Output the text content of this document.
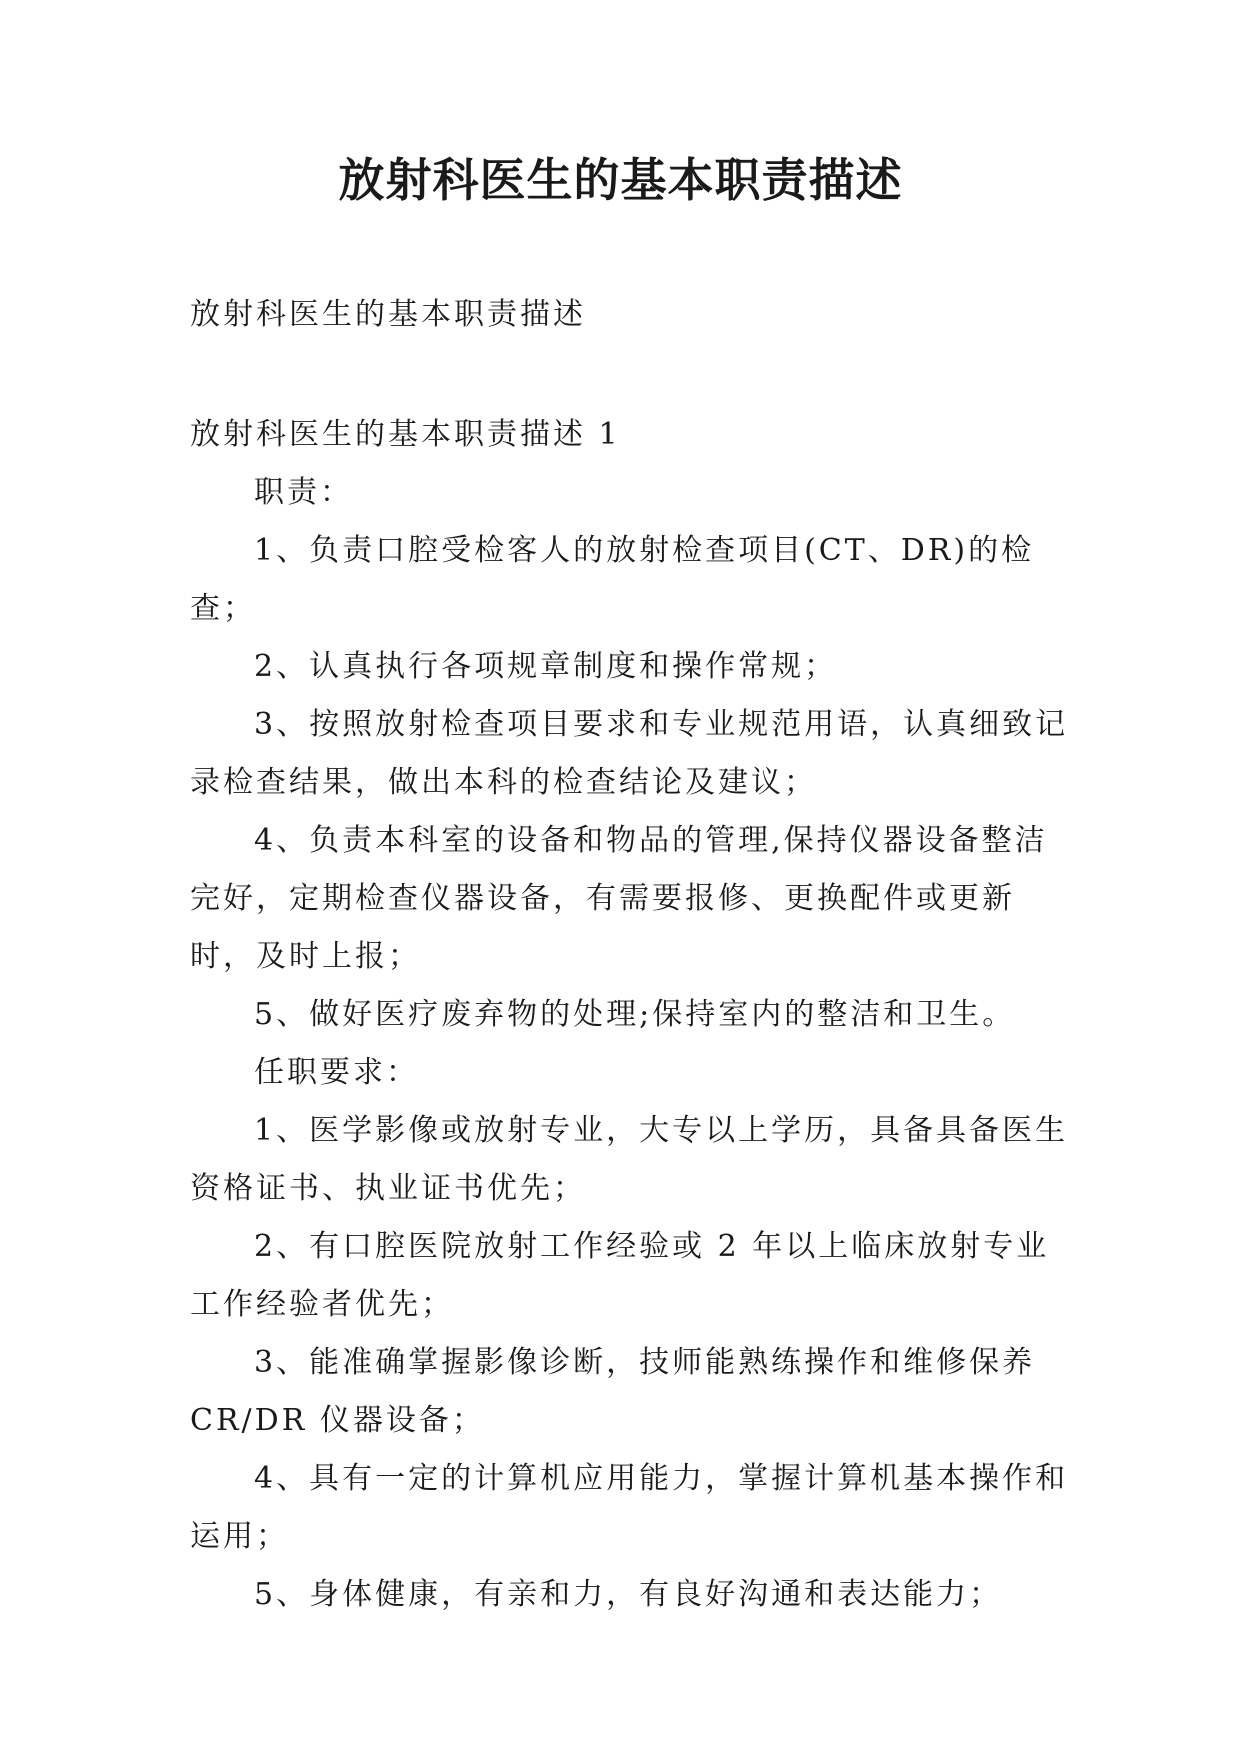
放射科医生的基本职责描述

放射科医生的基本职责描述

放射科医生的基本职责描述 1

职责：

1、负责口腔受检客人的放射检查项目(CT、DR)的检查；

2、认真执行各项规章制度和操作常规；

3、按照放射检查项目要求和专业规范用语，认真细致记录检查结果，做出本科的检查结论及建议；

4、负责本科室的设备和物品的管理,保持仪器设备整洁完好，定期检查仪器设备，有需要报修、更换配件或更新时，及时上报；

5、做好医疗废弃物的处理;保持室内的整洁和卫生。

任职要求：

1、医学影像或放射专业，大专以上学历，具备具备医生资格证书、执业证书优先；

2、有口腔医院放射工作经验或 2 年以上临床放射专业工作经验者优先；

3、能准确掌握影像诊断，技师能熟练操作和维修保养 CR/DR 仪器设备；

4、具有一定的计算机应用能力，掌握计算机基本操作和运用；

5、身体健康，有亲和力，有良好沟通和表达能力；
